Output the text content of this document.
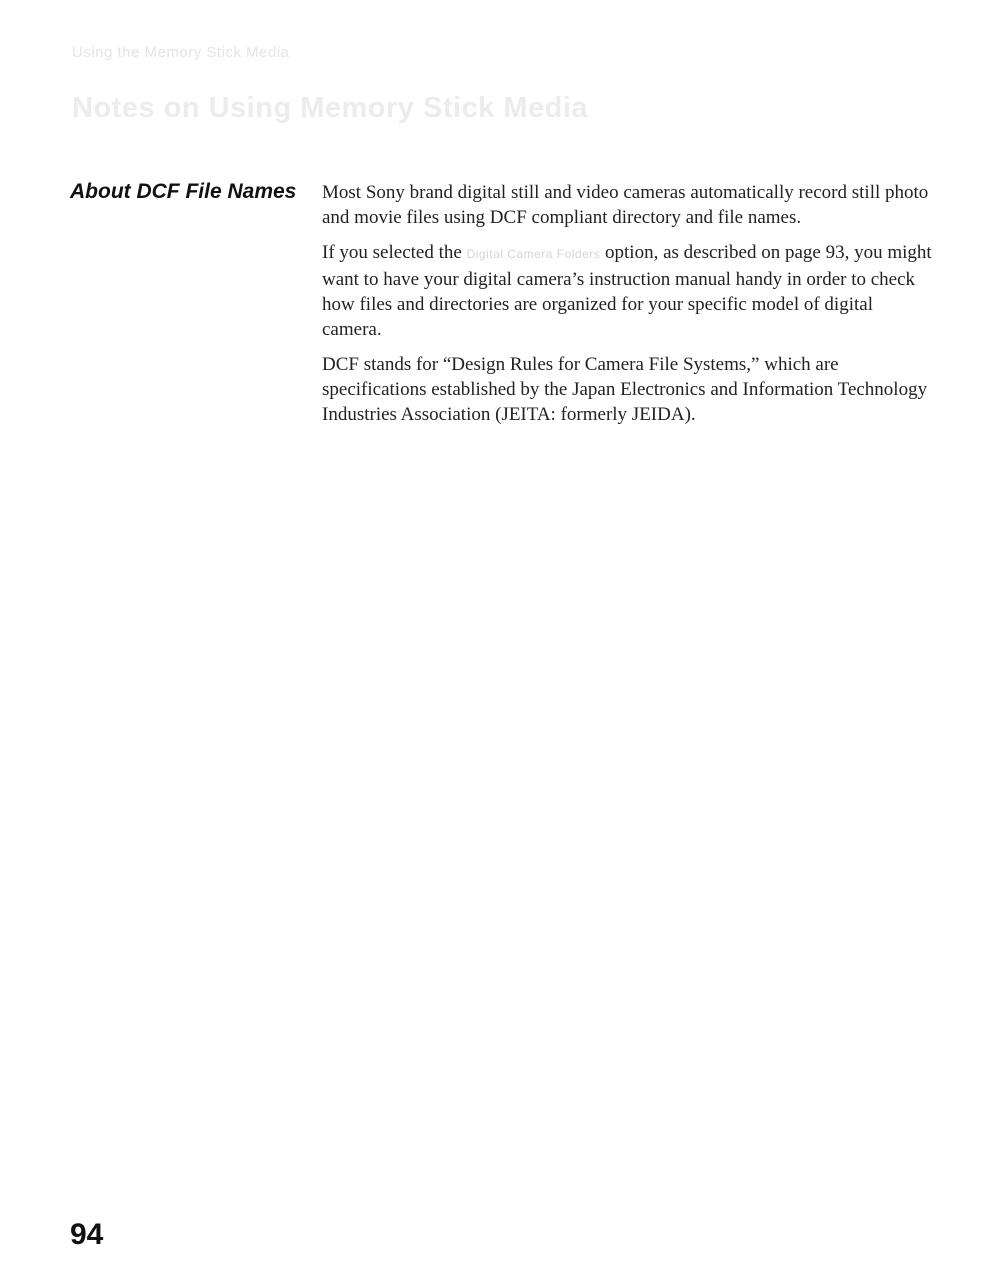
Using the Memory Stick Media
Notes on Using Memory Stick Media
About DCF File Names Most Sony brand digital still and video cameras automatically record still photo and movie files using DCF compliant directory and file names.

If you selected the Digital Camera Folders option, as described on page 93, you might want to have your digital camera’s instruction manual handy in order to check how files and directories are organized for your specific model of digital camera.

DCF stands for “Design Rules for Camera File Systems,” which are specifications established by the Japan Electronics and Information Technology Industries Association (JEITA: formerly JEIDA).

94
